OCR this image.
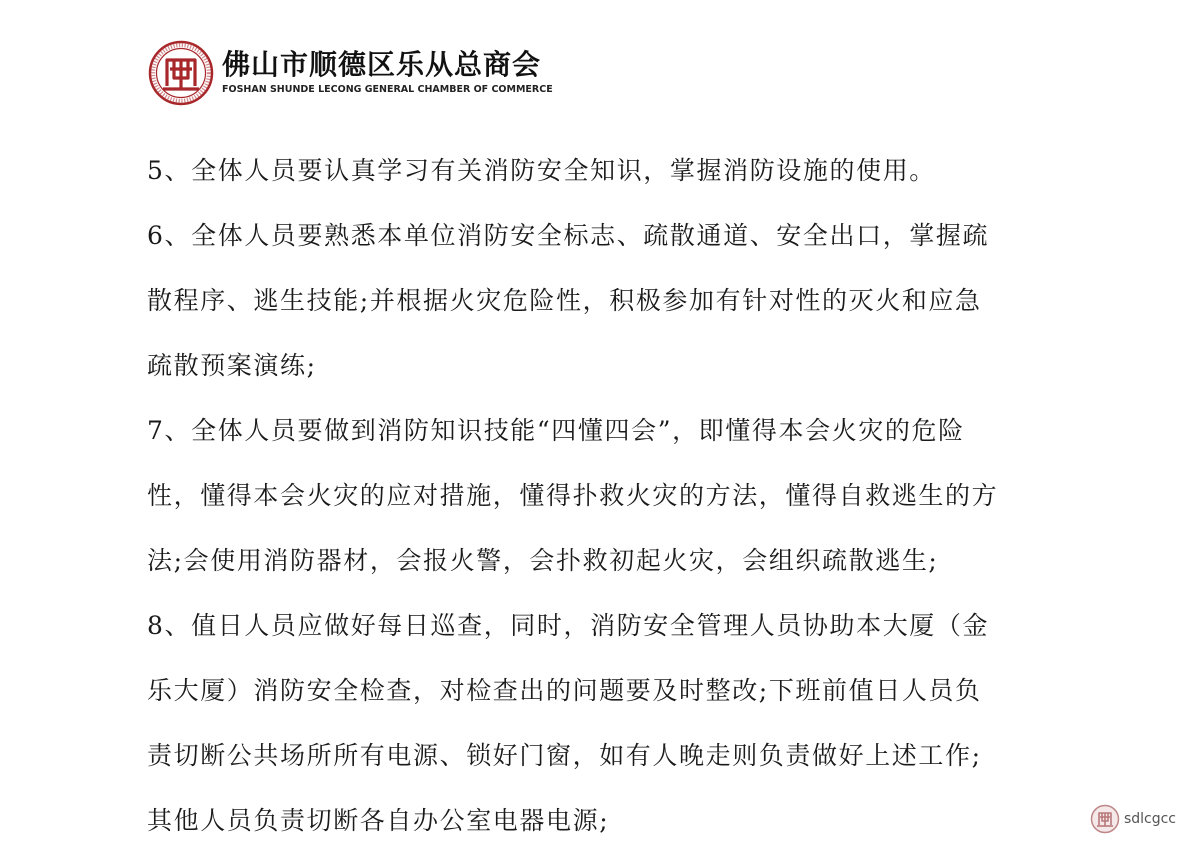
佛山市顺德区乐从总商会
FOSHAN SHUNDE LECONG GENERAL CHAMBER OF COMMERCE
5、全体人员要认真学习有关消防安全知识，掌握消防设施的使用。
6、全体人员要熟悉本单位消防安全标志、疏散通道、安全出口，掌握疏
散程序、逃生技能;并根据火灾危险性，积极参加有针对性的灭火和应急
疏散预案演练;
7、全体人员要做到消防知识技能“四懂四会”，即懂得本会火灾的危险
性，懂得本会火灾的应对措施，懂得扑救火灾的方法，懂得自救逃生的方
法;会使用消防器材，会报火警，会扑救初起火灾，会组织疏散逃生;
8、值日人员应做好每日巡查，同时，消防安全管理人员协助本大厦（金
乐大厦）消防安全检查，对检查出的问题要及时整改;下班前值日人员负
责切断公共场所所有电源、锁好门窗，如有人晚走则负责做好上述工作;
其他人员负责切断各自办公室电器电源;	sdlcgcc
